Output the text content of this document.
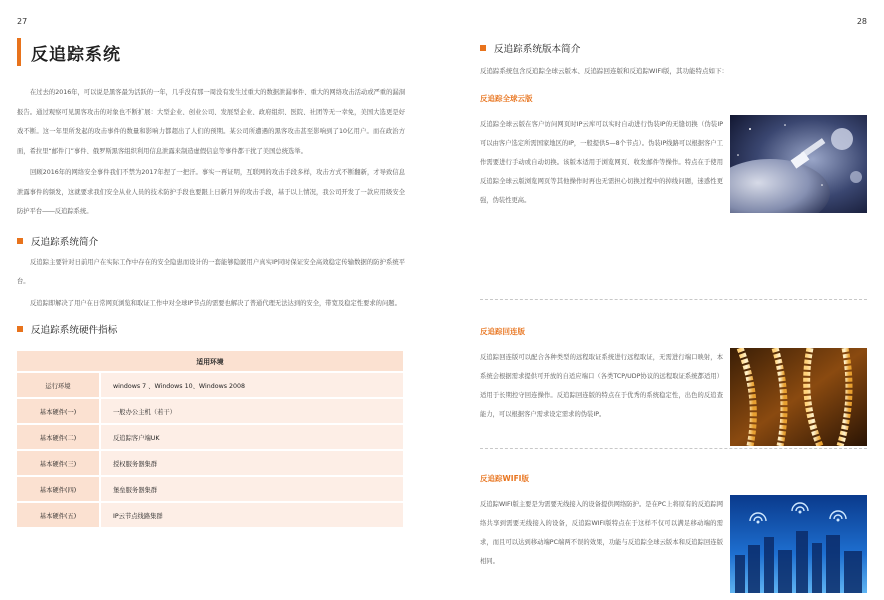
27	28
反追踪系统

在过去的2016年，可以说是黑客最为活跃的一年，几乎没有那一周没有发生过重大的数据泄漏事件、重大的网络攻击活动或严重的漏洞报告。通过观察可见黑客攻击的对象也不断扩展：大型企业、创业公司、发展型企业、政府组织、医院、社团等无一幸免，美国大选更是好戏不断。这一年里所发起的攻击事件的数量和影响力都超出了人们的预期。某公司所遭遇的黑客攻击甚至影响到了10亿用户。而在政治方面，希拉里“邮件门”事件、俄罗斯黑客组织利用信息泄露来制造虚假信息等事件都干扰了美国总统选举。

回顾2016年的网络安全事件我们不禁为2017年捏了一把汗。事实一再证明，互联网的攻击手段多样，攻击方式不断翻新，才导致信息泄露事件的频发，这就要求我们安全从业人员的技术防护手段也要跟上日新月异的攻击手段，基于以上情况，我公司开发了一款应用级安全防护平台――反追踪系统。

反追踪系统简介

反追踪主要针对日前用户在实际工作中存在的安全隐患而设计的一套能够隐匿用户真实IP同时保证安全高效稳定传输数据的防护系统平台。

反追踪即解决了用户在日常网页浏览和取证工作中对全球IP节点的需要也解决了普通代理无法达到的安全，带宽及稳定性要求的问题。

反追踪系统硬件指标
适用环境	
运行环境	windows 7 、Windows 10、Windows 2008
基本硬件(一)	一般办公主机（若干）
基本硬件(二)	反追踪客户端UK
基本硬件(三)	授权服务器集群
基本硬件(四)	堡垒服务器集群
基本硬件(五)	IP云节点线路集群
反追踪系统版本简介

反追踪系统包含反追踪全球云版本、反追踪回连版和反追踪WIFI版，其功能特点如下：

反追踪全球云版

反追踪全球云版在客户访问网页时IP云库可以实时自动进行伪装IP的无缝切换（伪装IP可以由客户选定所需国家地区的IP，一般提供5—8个节点）。伪装IP线路可以根据客户工作需要进行手动或自动切换。该版本适用于浏览网页、收发邮件等操作。特点在于使用反追踪全球云版浏览网页等其他操作时再也无需担心切换过程中的掉线问题，迷惑性更强，伪装性更高。

反追踪回连版

反追踪回连版可以配合各种类型的远程取证系统进行远程取证，无需进行端口映射，本系统会根据需求提供可开放的自适应端口（各类TCP/UDP协议的远程取证系统都适用）适用于长期控守回连操作。反追踪回连版的特点在于优秀的系统稳定性，出色的反追查能力，可以根据客户需求设定需求的伪装IP。

反追踪WIFI版

反追踪WIFI版主要是为需要无线接入的设备提供网络防护。是在PC上将原有的反追踪网络共享到需要无线接入的设备，反追踪WIFI版特点在于这样不仅可以满足移动端的需求，而且可以达到移动端PC端两不误的效果，功能与反追踪全球云版本和反追踪回连版相同。
